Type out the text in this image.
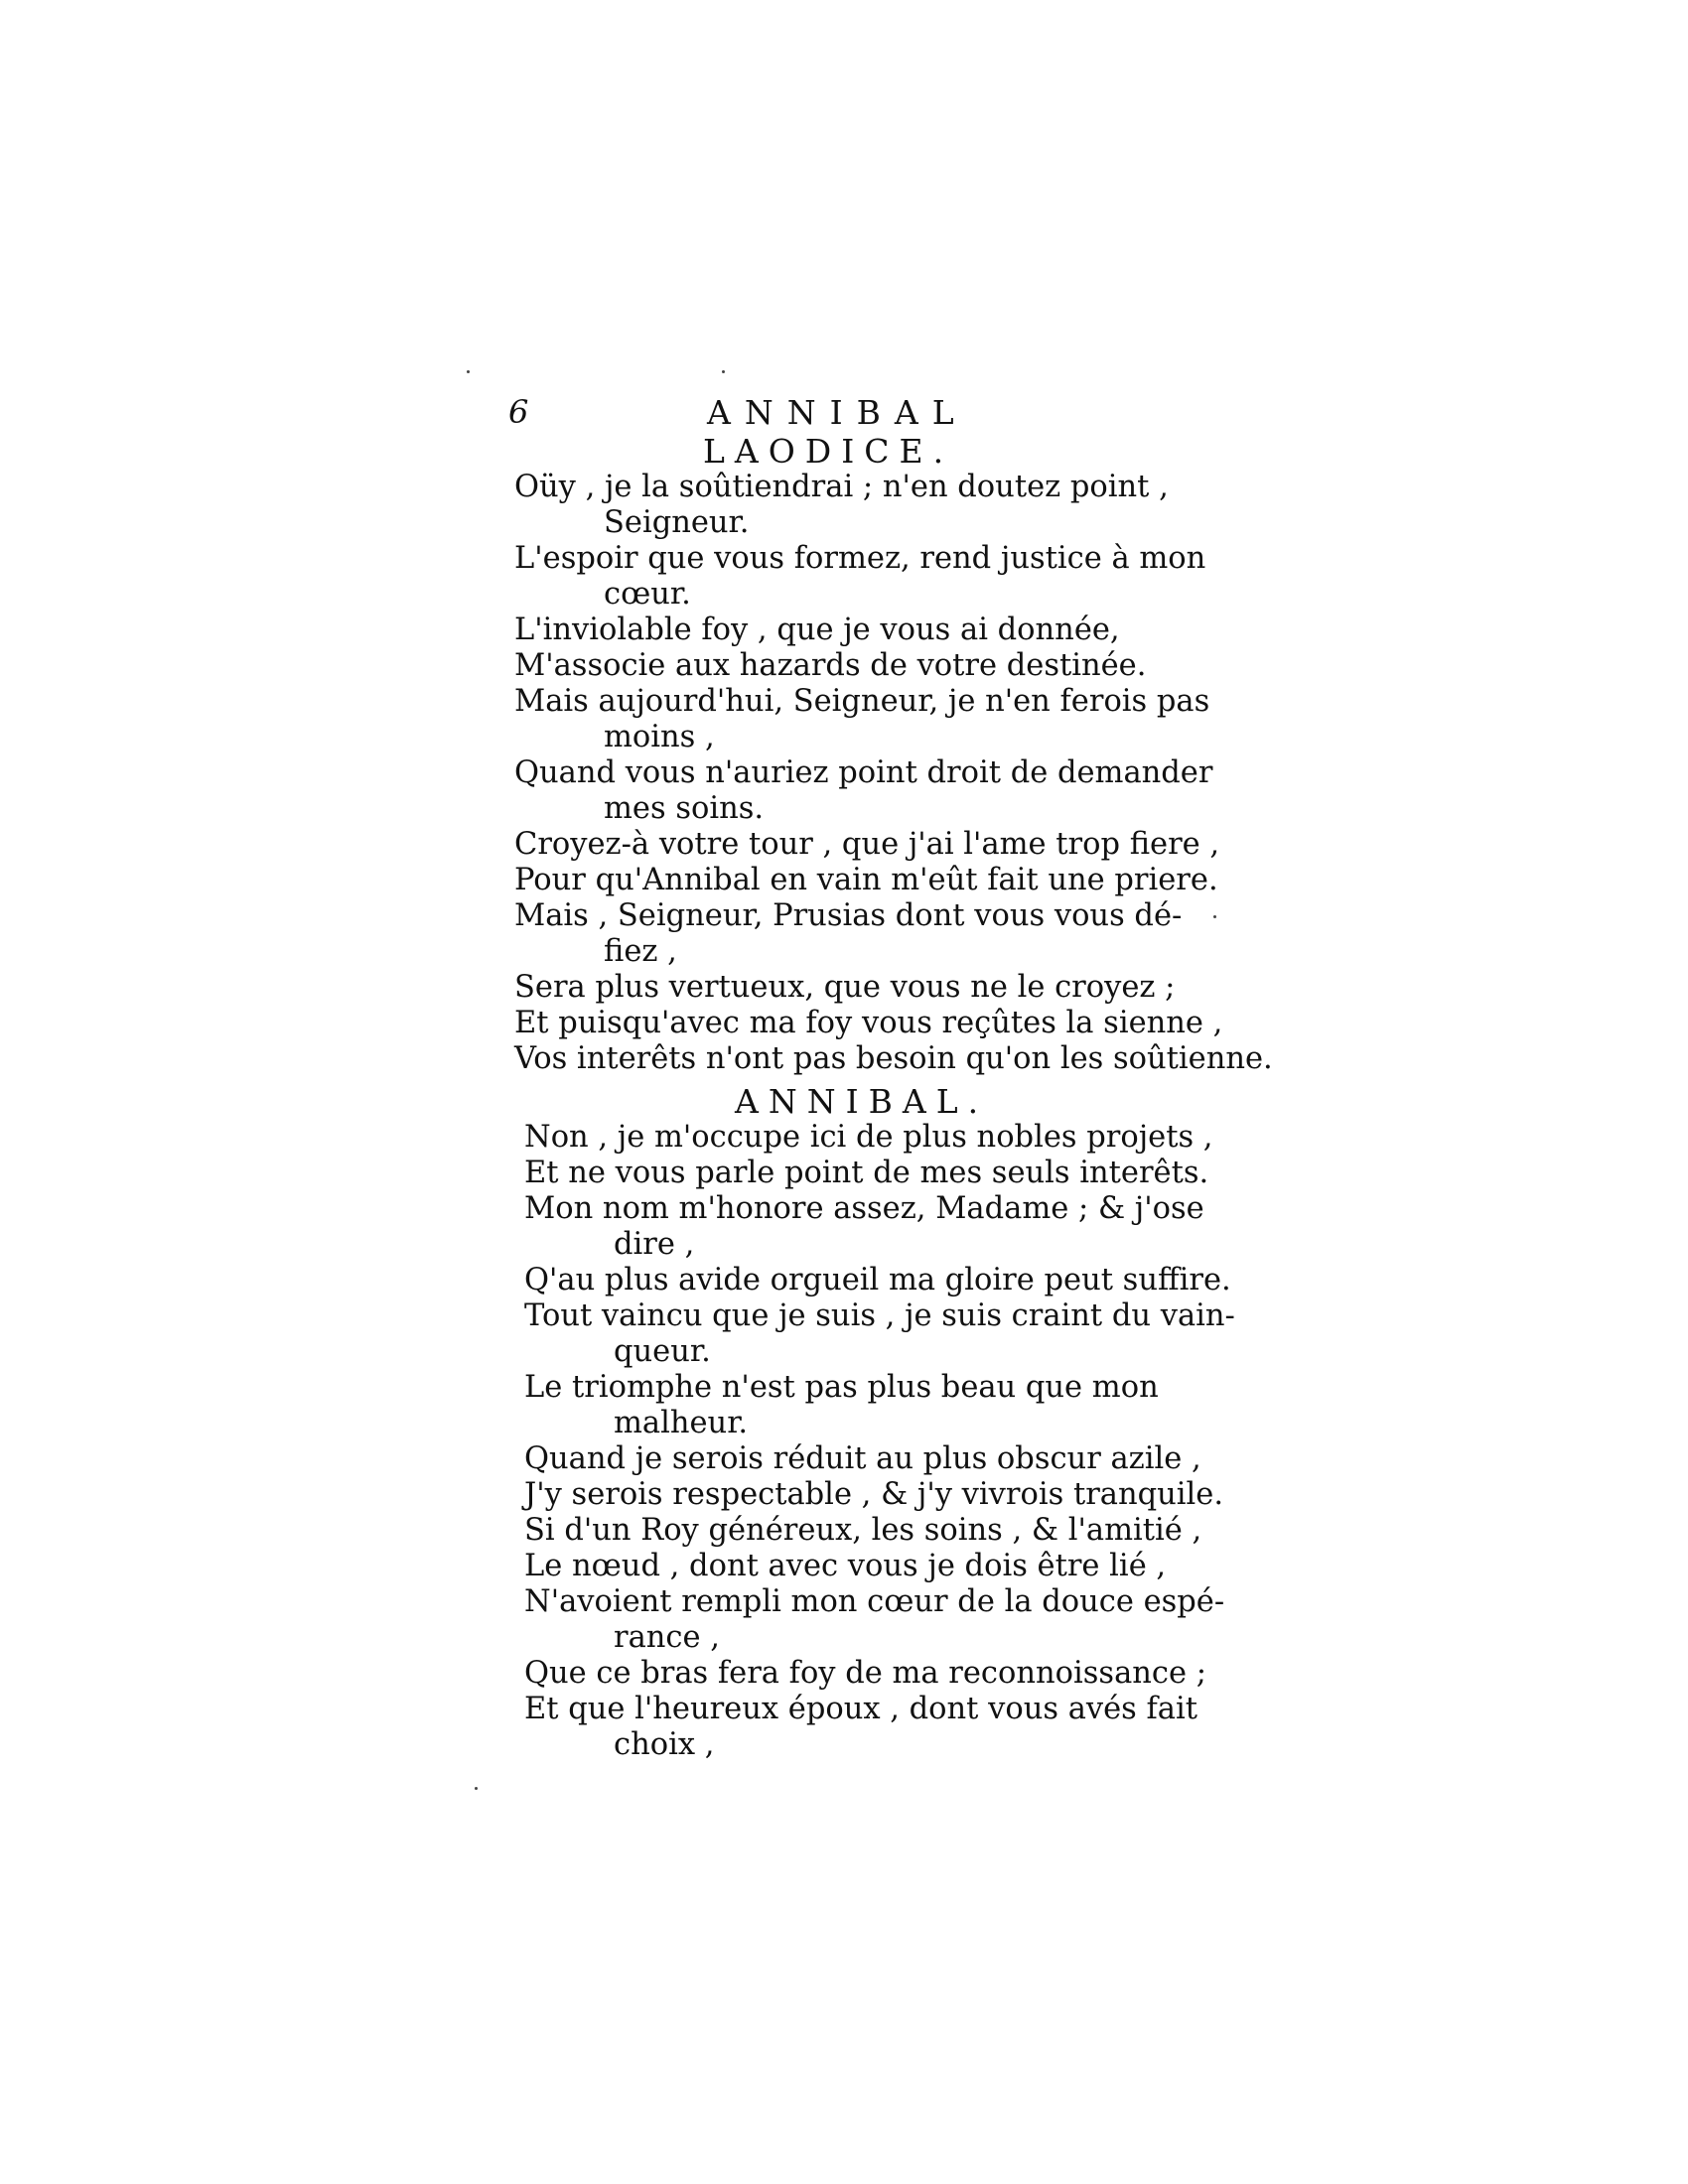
6	ANNIBAL
LAODICE.
Oüy , je la soûtiendrai ; n'en doutez point ,
Seigneur.
L'espoir que vous formez, rend justice à mon
cœur.
L'inviolable foy , que je vous ai donnée,
M'associe aux hazards de votre destinée.
Mais aujourd'hui, Seigneur, je n'en ferois pas
moins ,
Quand vous n'auriez point droit de demander
mes soins.
Croyez-à votre tour , que j'ai l'ame trop fiere ,
Pour qu'Annibal en vain m'eût fait une priere.
Mais , Seigneur, Prusias dont vous vous dé-
fiez ,
Sera plus vertueux, que vous ne le croyez ;
Et puisqu'avec ma foy vous reçûtes la sienne ,
Vos interêts n'ont pas besoin qu'on les soûtienne.
ANNIBAL.
Non , je m'occupe ici de plus nobles projets ,
Et ne vous parle point de mes seuls interêts.
Mon nom m'honore assez, Madame ; & j'ose
dire ,
Q'au plus avide orgueil ma gloire peut suffire.
Tout vaincu que je suis , je suis craint du vain-
queur.
Le triomphe n'est pas plus beau que mon
malheur.
Quand je serois réduit au plus obscur azile ,
J'y serois respectable , & j'y vivrois tranquile.
Si d'un Roy généreux, les soins , & l'amitié ,
Le nœud , dont avec vous je dois être lié ,
N'avoient rempli mon cœur de la douce espé-
rance ,
Que ce bras fera foy de ma reconnoissance ;
Et que l'heureux époux , dont vous avés fait
choix ,
